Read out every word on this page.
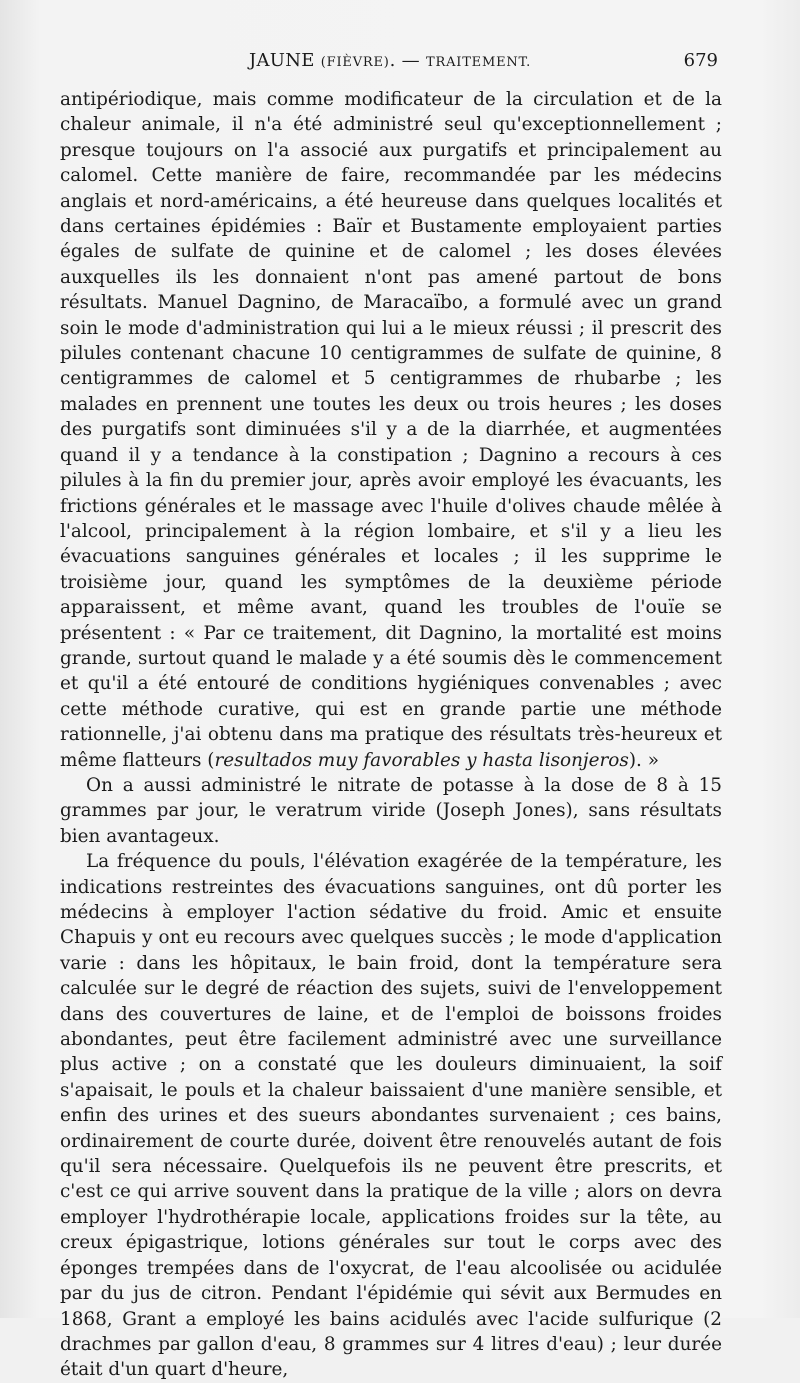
JAUNE (FIÈVRE). — TRAITEMENT.	679

antipériodique, mais comme modificateur de la circulation et de la chaleur animale, il n'a été administré seul qu'exceptionnellement ; presque toujours on l'a associé aux purgatifs et principalement au calomel. Cette manière de faire, recommandée par les médecins anglais et nord-américains, a été heureuse dans quelques localités et dans certaines épidémies : Baïr et Bustamente employaient parties égales de sulfate de quinine et de calomel ; les doses élevées auxquelles ils les donnaient n'ont pas amené partout de bons résultats. Manuel Dagnino, de Maracaïbo, a formulé avec un grand soin le mode d'administration qui lui a le mieux réussi ; il prescrit des pilules contenant chacune 10 centigrammes de sulfate de quinine, 8 centigrammes de calomel et 5 centigrammes de rhubarbe ; les malades en prennent une toutes les deux ou trois heures ; les doses des purgatifs sont diminuées s'il y a de la diarrhée, et augmentées quand il y a tendance à la constipation ; Dagnino a recours à ces pilules à la fin du premier jour, après avoir employé les évacuants, les frictions générales et le massage avec l'huile d'olives chaude mêlée à l'alcool, principalement à la région lombaire, et s'il y a lieu les évacuations sanguines générales et locales ; il les supprime le troisième jour, quand les symptômes de la deuxième période apparaissent, et même avant, quand les troubles de l'ouïe se présentent : « Par ce traitement, dit Dagnino, la mortalité est moins grande, surtout quand le malade y a été soumis dès le commencement et qu'il a été entouré de conditions hygiéniques convenables ; avec cette méthode curative, qui est en grande partie une méthode rationnelle, j'ai obtenu dans ma pratique des résultats très-heureux et même flatteurs (resultados muy favorables y hasta lisonjeros). »

On a aussi administré le nitrate de potasse à la dose de 8 à 15 grammes par jour, le veratrum viride (Joseph Jones), sans résultats bien avantageux.

La fréquence du pouls, l'élévation exagérée de la température, les indications restreintes des évacuations sanguines, ont dû porter les médecins à employer l'action sédative du froid. Amic et ensuite Chapuis y ont eu recours avec quelques succès ; le mode d'application varie : dans les hôpitaux, le bain froid, dont la température sera calculée sur le degré de réaction des sujets, suivi de l'enveloppement dans des couvertures de laine, et de l'emploi de boissons froides abondantes, peut être facilement administré avec une surveillance plus active ; on a constaté que les douleurs diminuaient, la soif s'apaisait, le pouls et la chaleur baissaient d'une manière sensible, et enfin des urines et des sueurs abondantes survenaient ; ces bains, ordinairement de courte durée, doivent être renouvelés autant de fois qu'il sera nécessaire. Quelquefois ils ne peuvent être prescrits, et c'est ce qui arrive souvent dans la pratique de la ville ; alors on devra employer l'hydrothérapie locale, applications froides sur la tête, au creux épigastrique, lotions générales sur tout le corps avec des éponges trempées dans de l'oxycrat, de l'eau alcoolisée ou acidulée par du jus de citron. Pendant l'épidémie qui sévit aux Bermudes en 1868, Grant a employé les bains acidulés avec l'acide sulfurique (2 drachmes par gallon d'eau, 8 grammes sur 4 litres d'eau) ; leur durée était d'un quart d'heure,
